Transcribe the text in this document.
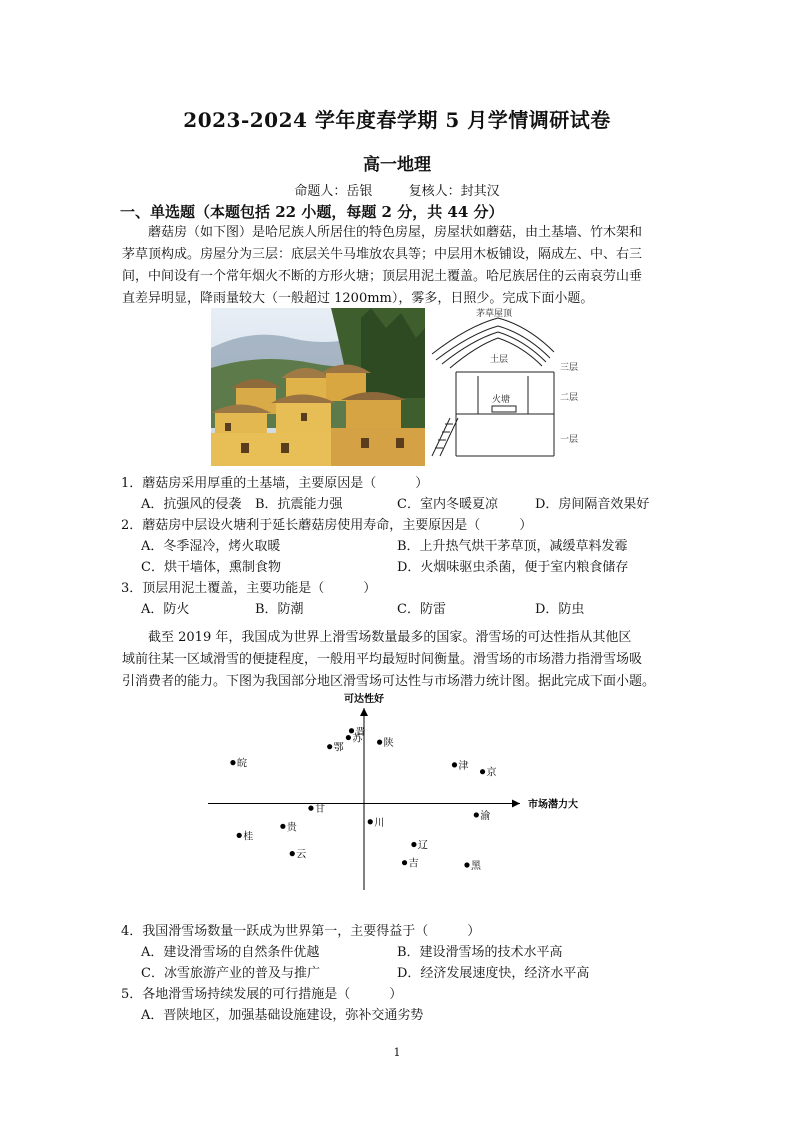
2023-2024 学年度春学期 5 月学情调研试卷
高一地理
命题人：岳银	复核人：封其汉
一、单选题（本题包括 22 小题，每题 2 分，共 44 分）
蘑菇房（如下图）是哈尼族人所居住的特色房屋，房屋状如蘑菇，由土基墙、竹木架和
茅草顶构成。房屋分为三层：底层关牛马堆放农具等；中层用木板铺设，隔成左、中、右三
间，中间设有一个常年烟火不断的方形火塘；顶层用泥土覆盖。哈尼族居住的云南哀劳山垂
直差异明显，降雨量较大（一般超过 1200mm），雾多，日照少。完成下面小题。
茅草屋顶
土层
火塘
三层
二层
一层
1．蘑菇房采用厚重的土基墙，主要原因是（　　　）
A．抗强风的侵袭 B．抗震能力强	C．室内冬暖夏凉	D．房间隔音效果好
2．蘑菇房中层设火塘利于延长蘑菇房使用寿命，主要原因是（　　　）
A．冬季湿冷，烤火取暖	B．上升热气烘干茅草顶，减缓草料发霉
C．烘干墙体，熏制食物	D．火烟味驱虫杀菌，便于室内粮食储存
3．顶层用泥土覆盖，主要功能是（　　　）
A．防火	B．防潮	C．防雷	D．防虫
截至 2019 年，我国成为世界上滑雪场数量最多的国家。滑雪场的可达性指从其他区
域前往某一区域滑雪的便捷程度，一般用平均最短时间衡量。滑雪场的市场潜力指滑雪场吸
引消费者的能力。下图为我国部分地区滑雪场可达性与市场潜力统计图。据此完成下面小题。
市场潜力大
可达性好
晋
苏
鄂	陕
皖	津
京
甘
川
渝
贵
桂
辽
云
吉	黑
4．我国滑雪场数量一跃成为世界第一，主要得益于（　　　）
A．建设滑雪场的自然条件优越	B．建设滑雪场的技术水平高
C．冰雪旅游产业的普及与推广	D．经济发展速度快，经济水平高
5．各地滑雪场持续发展的可行措施是（　　　）
A．晋陕地区，加强基础设施建设，弥补交通劣势
1
